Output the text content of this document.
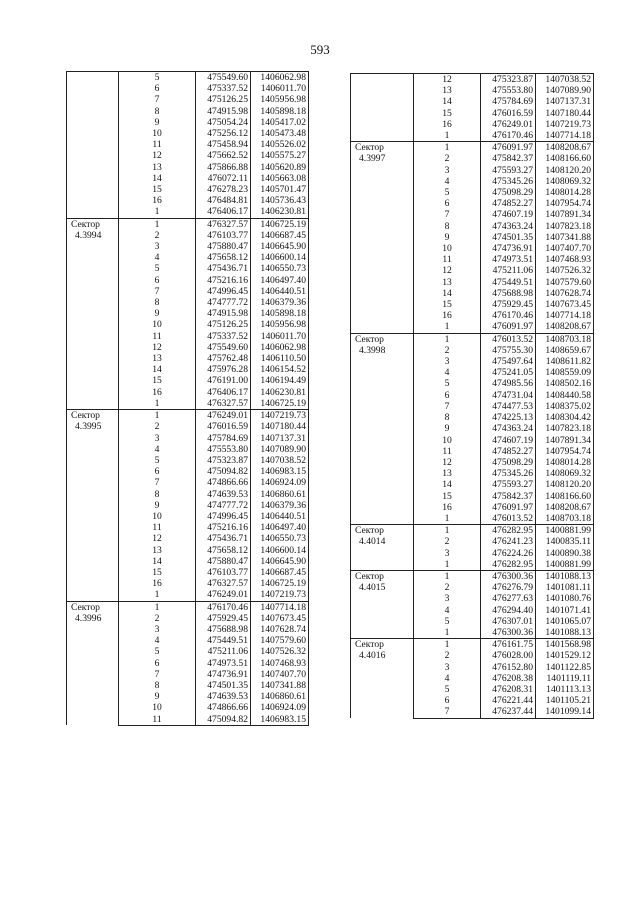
593
	5	475549.60	1406062.98
	6	475337.52	1406011.70
	7	475126.25	1405956.98
	8	474915.98	1405898.18
	9	475054.24	1405417.02
	10	475256.12	1405473.48
	11	475458.94	1405526.02
	12	475662.52	1405575.27
	13	475866.88	1405620.89
	14	476072.11	1405663.08
	15	476278.23	1405701.47
	16	476484.81	1405736.43
	1	476406.17	1406230.81

Сектор
4.3994	1	476327.57	1406725.19
	2	476103.77	1406687.45
	3	475880.47	1406645.90
	4	475658.12	1406600.14
	5	475436.71	1406550.73
	6	475216.16	1406497.40
	7	474996.45	1406440.51
	8	474777.72	1406379.36
	9	474915.98	1405898.18
	10	475126.25	1405956.98
	11	475337.52	1406011.70
	12	475549.60	1406062.98
	13	475762.48	1406110.50
	14	475976.28	1406154.52
	15	476191.00	1406194.49
	16	476406.17	1406230.81
	1	476327.57	1406725.19

Сектор
4.3995	1	476249.01	1407219.73
	2	476016.59	1407180.44
	3	475784.69	1407137.31
	4	475553.80	1407089.90
	5	475323.87	1407038.52
	6	475094.82	1406983.15
	7	474866.66	1406924.09
	8	474639.53	1406860.61
	9	474777.72	1406379.36
	10	474996.45	1406440.51
	11	475216.16	1406497.40
	12	475436.71	1406550.73
	13	475658.12	1406600.14
	14	475880.47	1406645.90
	15	476103.77	1406687.45
	16	476327.57	1406725.19
	1	476249.01	1407219.73

Сектор
4.3996	1	476170.46	1407714.18
	2	475929.45	1407673.45
	3	475688.98	1407628.74
	4	475449.51	1407579.60
	5	475211.06	1407526.32
	6	474973.51	1407468.93
	7	474736.91	1407407.70
	8	474501.35	1407341.88
	9	474639.53	1406860.61
	10	474866.66	1406924.09
	11	475094.82	1406983.15
	12	475323.87	1407038.52
	13	475553.80	1407089.90
	14	475784.69	1407137.31
	15	476016.59	1407180.44
	16	476249.01	1407219.73
	1	476170.46	1407714.18

Сектор
4.3997	1	476091.97	1408208.67
	2	475842.37	1408166.60
	3	475593.27	1408120.20
	4	475345.26	1408069.32
	5	475098.29	1408014.28
	6	474852.27	1407954.74
	7	474607.19	1407891.34
	8	474363.24	1407823.18
	9	474501.35	1407341.88
	10	474736.91	1407407.70
	11	474973.51	1407468.93
	12	475211.06	1407526.32
	13	475449.51	1407579.60
	14	475688.98	1407628.74
	15	475929.45	1407673.45
	16	476170.46	1407714.18
	1	476091.97	1408208.67

Сектор
4.3998	1	476013.52	1408703.18
	2	475755.30	1408659.67
	3	475497.64	1408611.82
	4	475241.05	1408559.09
	5	474985.56	1408502.16
	6	474731.04	1408440.58
	7	474477.53	1408375.02
	8	474225.13	1408304.42
	9	474363.24	1407823.18
	10	474607.19	1407891.34
	11	474852.27	1407954.74
	12	475098.29	1408014.28
	13	475345.26	1408069.32
	14	475593.27	1408120.20
	15	475842.37	1408166.60
	16	476091.97	1408208.67
	1	476013.52	1408703.18

Сектор
4.4014	1	476282.95	1400881.99
	2	476241.23	1400835.11
	3	476224.26	1400890.38
	1	476282.95	1400881.99

Сектор
4.4015	1	476300.36	1401088.13
	2	476276.79	1401081.11
	3	476277.63	1401080.76
	4	476294.40	1401071.41
	5	476307.01	1401065.07
	1	476300.36	1401088.13

Сектор
4.4016	1	476161.75	1401568.98
	2	476028.00	1401529.12
	3	476152.80	1401122.85
	4	476208.38	1401119.11
	5	476208.31	1401113.13
	6	476221.44	1401105.21
	7	476237.44	1401099.14
